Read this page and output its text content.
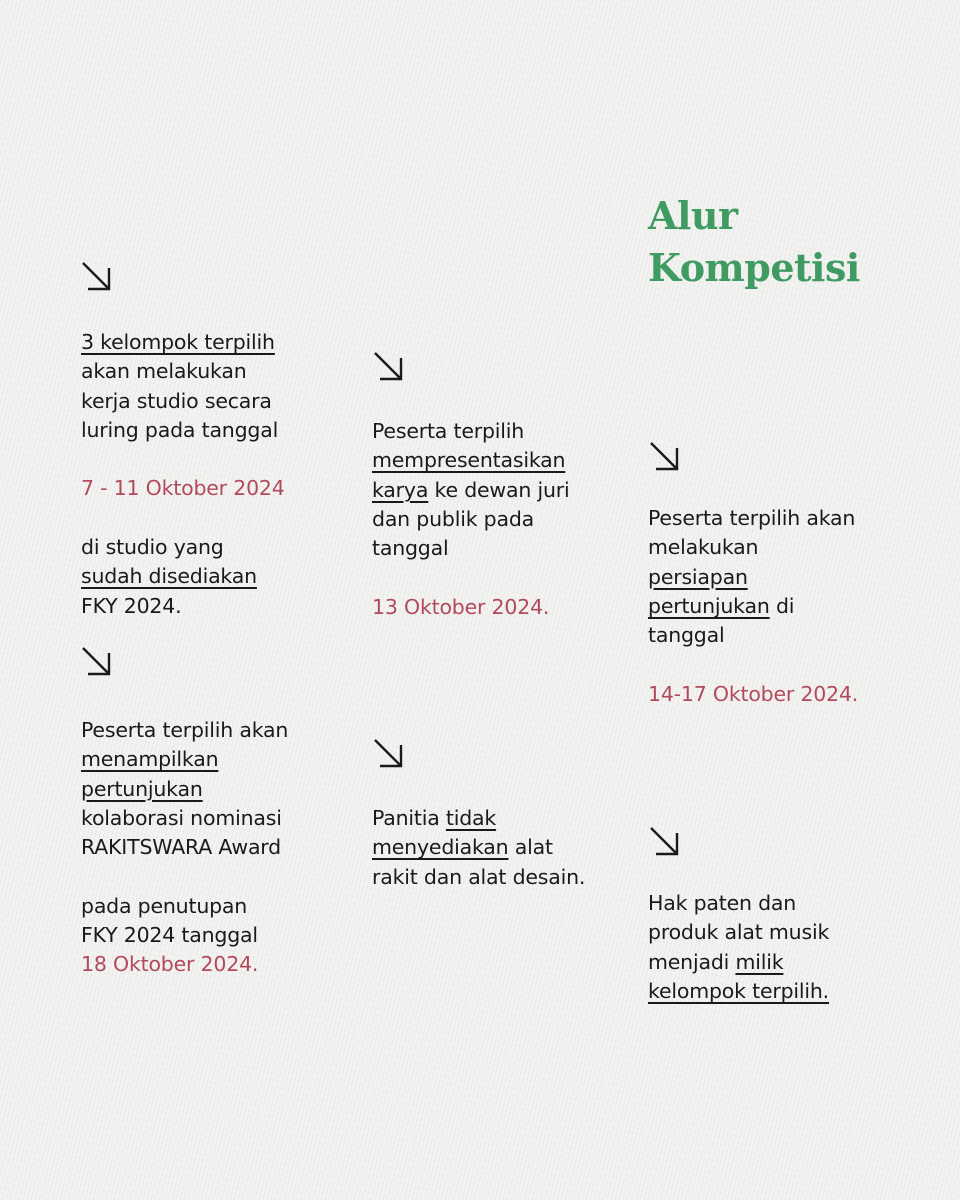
Alur
Kompetisi
3 kelompok terpilih
akan melakukan
kerja studio secara
luring pada tanggal
7 - 11 Oktober 2024
di studio yang
sudah disediakan
FKY 2024.
Peserta terpilih akan
menampilkan
pertunjukan
kolaborasi nominasi
RAKITSWARA Award
pada penutupan
FKY 2024 tanggal
18 Oktober 2024.
Peserta terpilih
mempresentasikan
karya ke dewan juri
dan publik pada
tanggal
13 Oktober 2024.
Panitia tidak
menyediakan alat
rakit dan alat desain.
Peserta terpilih akan
melakukan
persiapan
pertunjukan di
tanggal
14-17 Oktober 2024.
Hak paten dan
produk alat musik
menjadi milik
kelompok terpilih.
